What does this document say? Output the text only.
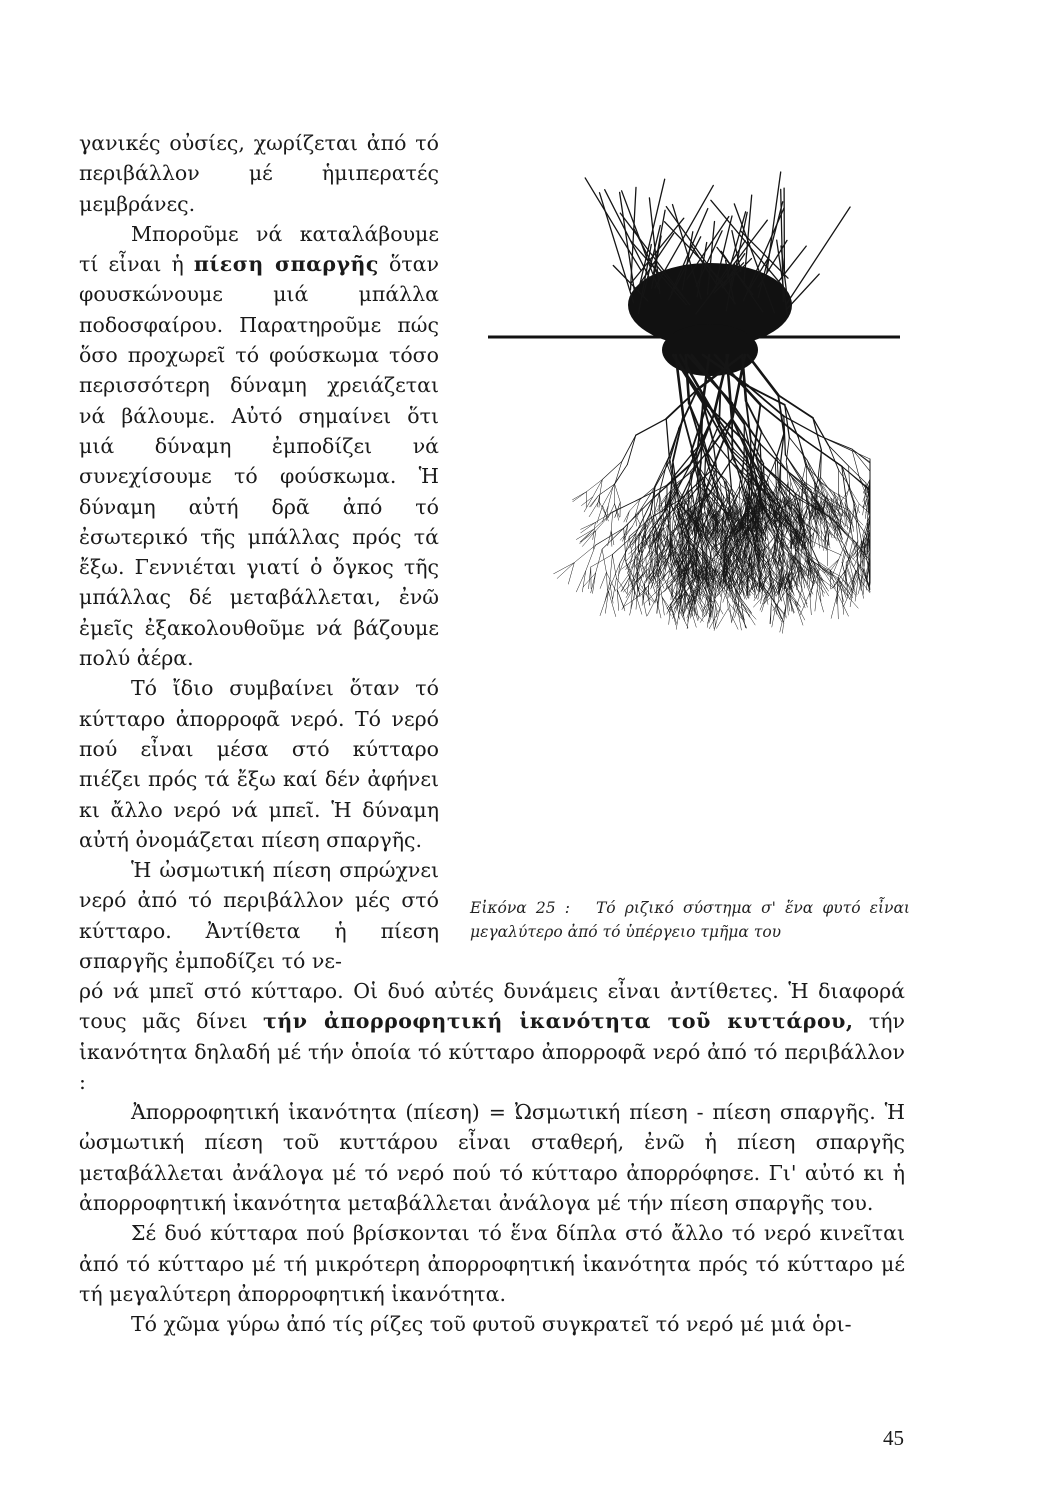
γανικές οὐσίες, χωρίζεται ἀπό τό περιβάλλον μέ ἡμιπερατές μεμβράνες.

Μποροῦμε νά καταλάβουμε τί εἶναι ἡ πίεση σπαργῆς ὅταν φουσκώνουμε μιά μπάλλα ποδοσφαίρου. Παρατηροῦμε πώς ὅσο προχωρεῖ τό φούσκωμα τόσο περισσότερη δύναμη χρειάζεται νά βάλουμε. Αὐτό σημαίνει ὅτι μιά δύναμη ἐμποδίζει νά συνεχίσουμε τό φούσκωμα. Ἡ δύναμη αὐτή δρᾶ ἀπό τό ἐσωτερικό τῆς μπάλλας πρός τά ἔξω. Γεννιέται γιατί ὁ ὄγκος τῆς μπάλλας δέ μεταβάλλεται, ἐνῶ ἐμεῖς ἐξακολουθοῦμε νά βάζουμε πολύ ἀέρα.

Τό ἴδιο συμβαίνει ὅταν τό κύτταρο ἀπορροφᾶ νερό. Τό νερό πού εἶναι μέσα στό κύτταρο πιέζει πρός τά ἔξω καί δέν ἀφήνει κι ἄλλο νερό νά μπεῖ. Ἡ δύναμη αὐτή ὀνομάζεται πίεση σπαργῆς.

Ἡ ὠσμωτική πίεση σπρώχνει νερό ἀπό τό περιβάλλον μές στό κύτταρο. Ἀντίθετα ἡ πίεση σπαργῆς ἐμποδίζει τό νε-

Εἰκόνα 25 : Τό ριζικό σύστημα σ' ἕνα φυτό εἶναι μεγαλύτερο ἀπό τό ὑπέργειο τμῆμα του

ρό νά μπεῖ στό κύτταρο. Οἱ δυό αὐτές δυνάμεις εἶναι ἀντίθετες. Ἡ διαφορά τους μᾶς δίνει τήν ἀπορροφητική ἱκανότητα τοῦ κυττάρου, τήν ἱκανότητα δηλαδή μέ τήν ὁποία τό κύτταρο ἀπορροφᾶ νερό ἀπό τό περιβάλλον :

Ἀπορροφητική ἱκανότητα (πίεση) = Ὠσμωτική πίεση - πίεση σπαργῆς. Ἡ ὠσμωτική πίεση τοῦ κυττάρου εἶναι σταθερή, ἐνῶ ἡ πίεση σπαργῆς μεταβάλλεται ἀνάλογα μέ τό νερό πού τό κύτταρο ἀπορρόφησε. Γι' αὐτό κι ἡ ἀπορροφητική ἱκανότητα μεταβάλλεται ἀνάλογα μέ τήν πίεση σπαργῆς του.

Σέ δυό κύτταρα πού βρίσκονται τό ἕνα δίπλα στό ἄλλο τό νερό κινεῖται ἀπό τό κύτταρο μέ τή μικρότερη ἀπορροφητική ἱκανότητα πρός τό κύτταρο μέ τή μεγαλύτερη ἀπορροφητική ἱκανότητα.

Τό χῶμα γύρω ἀπό τίς ρίζες τοῦ φυτοῦ συγκρατεῖ τό νερό μέ μιά ὁρι-

45
